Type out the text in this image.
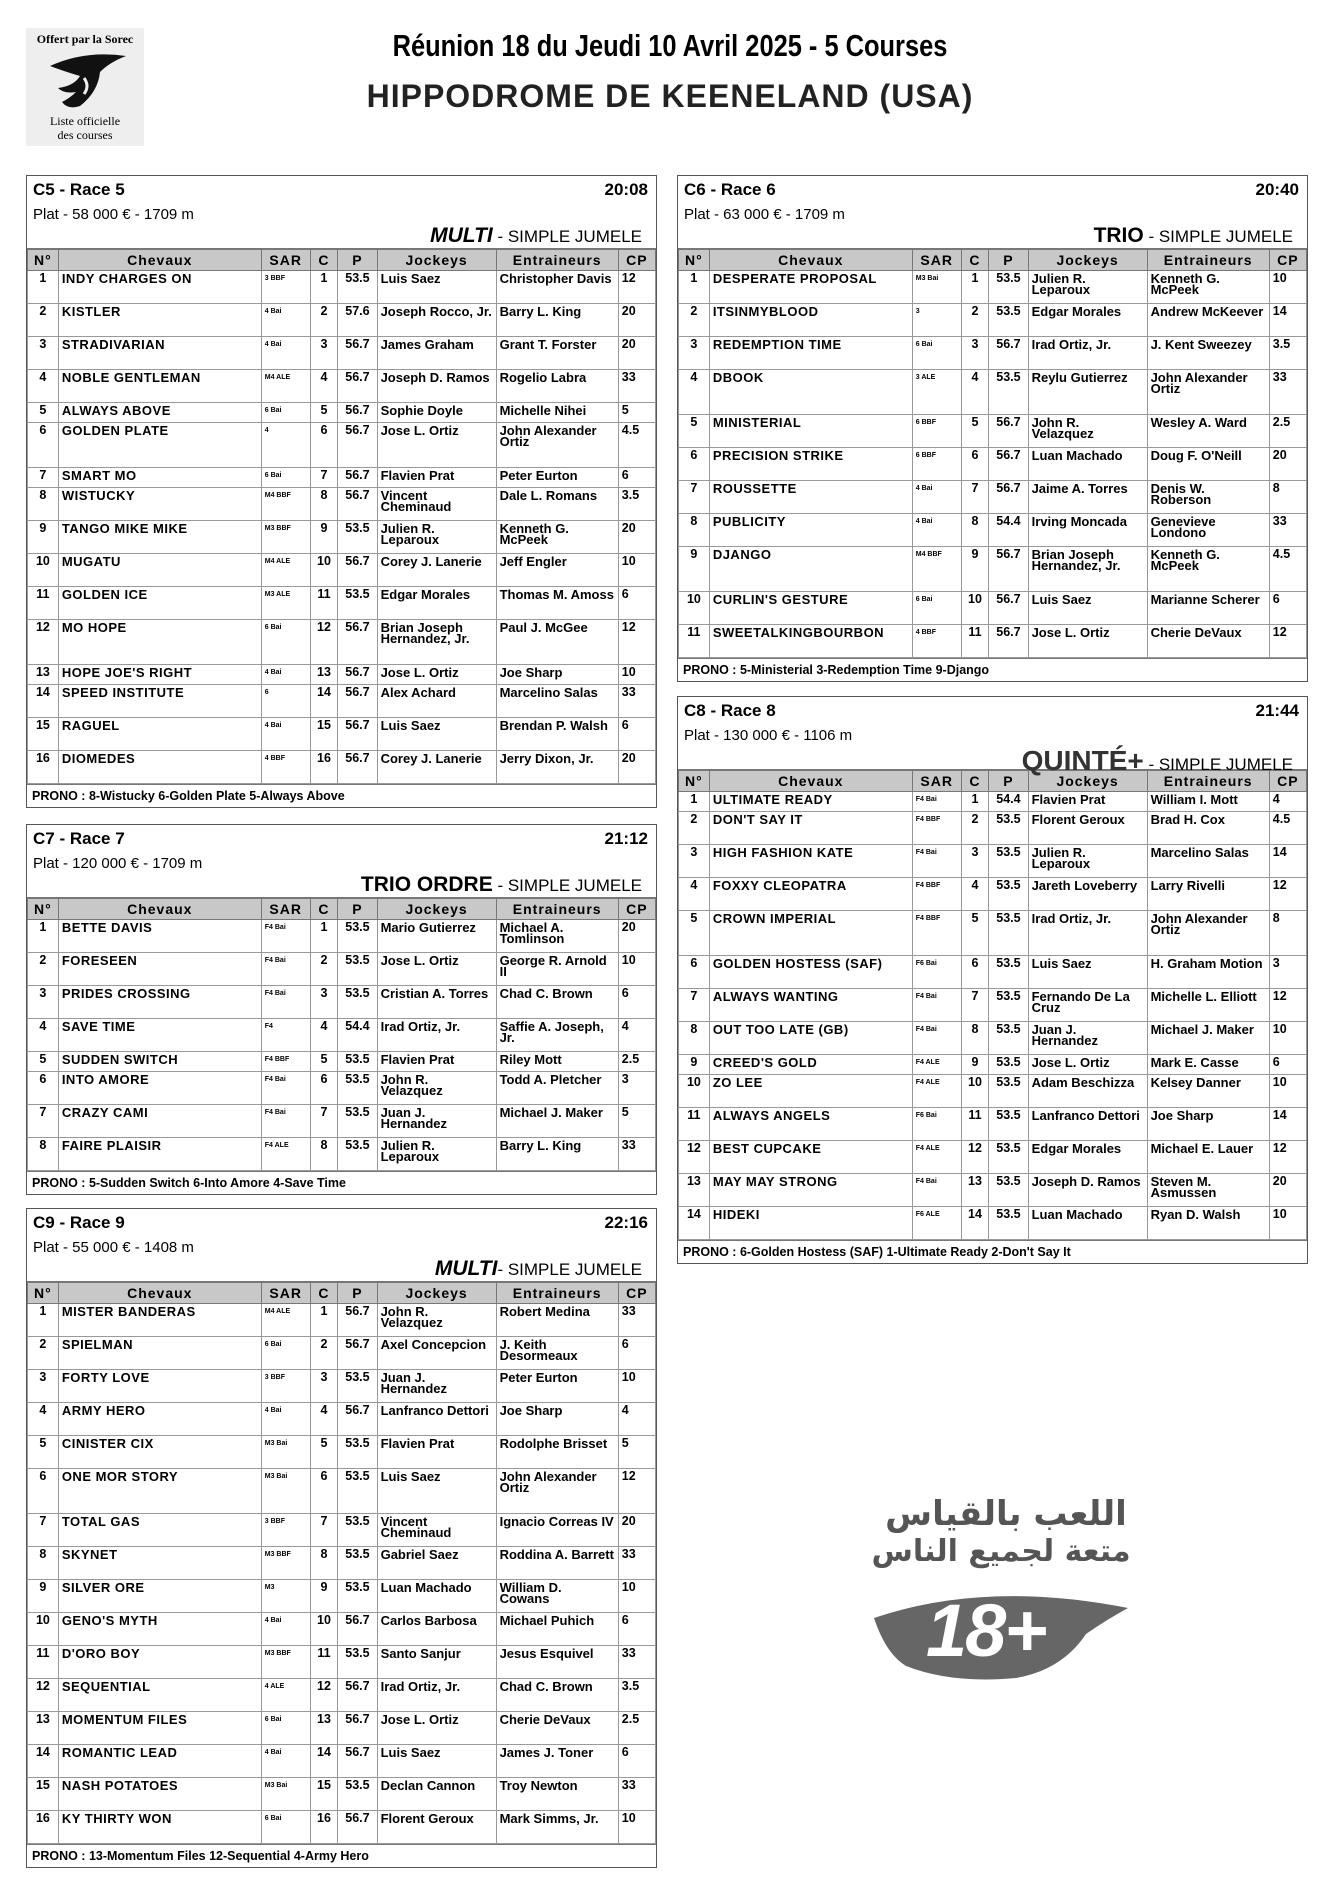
Offert par la Sorec
Liste officielle
des courses
Réunion 18 du Jeudi 10 Avril 2025 - 5 Courses
HIPPODROME DE KEENELAND (USA)
C5 - Race 5	20:08
Plat - 58 000 € - 1709 m
MULTI - SIMPLE JUMELE
N°	Chevaux	SAR	C	P	Jockeys	Entraineurs	CP
1	INDY CHARGES ON	3 BBF	1	53.5	Luis Saez	Christopher Davis	12
2	KISTLER	4 Bai	2	57.6	Joseph Rocco, Jr.	Barry L. King	20
3	STRADIVARIAN	4 Bai	3	56.7	James Graham	Grant T. Forster	20
4	NOBLE GENTLEMAN	M4 ALE	4	56.7	Joseph D. Ramos	Rogelio Labra	33
5	ALWAYS ABOVE	6 Bai	5	56.7	Sophie Doyle	Michelle Nihei	5
6	GOLDEN PLATE	4	6	56.7	Jose L. Ortiz	John Alexander Ortiz	4.5
7	SMART MO	6 Bai	7	56.7	Flavien Prat	Peter Eurton	6
8	WISTUCKY	M4 BBF	8	56.7	Vincent Cheminaud	Dale L. Romans	3.5
9	TANGO MIKE MIKE	M3 BBF	9	53.5	Julien R. Leparoux	Kenneth G. McPeek	20
10	MUGATU	M4 ALE	10	56.7	Corey J. Lanerie	Jeff Engler	10
11	GOLDEN ICE	M3 ALE	11	53.5	Edgar Morales	Thomas M. Amoss	6
12	MO HOPE	6 Bai	12	56.7	Brian Joseph Hernandez, Jr.	Paul J. McGee	12
13	HOPE JOE'S RIGHT	4 Bai	13	56.7	Jose L. Ortiz	Joe Sharp	10
14	SPEED INSTITUTE	6	14	56.7	Alex Achard	Marcelino Salas	33
15	RAGUEL	4 Bai	15	56.7	Luis Saez	Brendan P. Walsh	6
16	DIOMEDES	4 BBF	16	56.7	Corey J. Lanerie	Jerry Dixon, Jr.	20
PRONO : 8-Wistucky 6-Golden Plate 5-Always Above
C6 - Race 6	20:40
Plat - 63 000 € - 1709 m
TRIO - SIMPLE JUMELE
N°	Chevaux	SAR	C	P	Jockeys	Entraineurs	CP
1	DESPERATE PROPOSAL	M3 Bai	1	53.5	Julien R. Leparoux	Kenneth G. McPeek	10
2	ITSINMYBLOOD	3	2	53.5	Edgar Morales	Andrew McKeever	14
3	REDEMPTION TIME	6 Bai	3	56.7	Irad Ortiz, Jr.	J. Kent Sweezey	3.5
4	DBOOK	3 ALE	4	53.5	Reylu Gutierrez	John Alexander Ortiz	33
5	MINISTERIAL	6 BBF	5	56.7	John R. Velazquez	Wesley A. Ward	2.5
6	PRECISION STRIKE	6 BBF	6	56.7	Luan Machado	Doug F. O'Neill	20
7	ROUSSETTE	4 Bai	7	56.7	Jaime A. Torres	Denis W. Roberson	8
8	PUBLICITY	4 Bai	8	54.4	Irving Moncada	Genevieve Londono	33
9	DJANGO	M4 BBF	9	56.7	Brian Joseph Hernandez, Jr.	Kenneth G. McPeek	4.5
10	CURLIN'S GESTURE	6 Bai	10	56.7	Luis Saez	Marianne Scherer	6
11	SWEETALKINGBOURBON	4 BBF	11	56.7	Jose L. Ortiz	Cherie DeVaux	12
PRONO : 5-Ministerial 3-Redemption Time 9-Django
C7 - Race 7	21:12
Plat - 120 000 € - 1709 m
TRIO ORDRE - SIMPLE JUMELE
N°	Chevaux	SAR	C	P	Jockeys	Entraineurs	CP
1	BETTE DAVIS	F4 Bai	1	53.5	Mario Gutierrez	Michael A. Tomlinson	20
2	FORESEEN	F4 Bai	2	53.5	Jose L. Ortiz	George R. Arnold II	10
3	PRIDES CROSSING	F4 Bai	3	53.5	Cristian A. Torres	Chad C. Brown	6
4	SAVE TIME	F4	4	54.4	Irad Ortiz, Jr.	Saffie A. Joseph, Jr.	4
5	SUDDEN SWITCH	F4 BBF	5	53.5	Flavien Prat	Riley Mott	2.5
6	INTO AMORE	F4 Bai	6	53.5	John R. Velazquez	Todd A. Pletcher	3
7	CRAZY CAMI	F4 Bai	7	53.5	Juan J. Hernandez	Michael J. Maker	5
8	FAIRE PLAISIR	F4 ALE	8	53.5	Julien R. Leparoux	Barry L. King	33
PRONO : 5-Sudden Switch 6-Into Amore 4-Save Time
C8 - Race 8	21:44
Plat - 130 000 € - 1106 m
QUINTÉ+ - SIMPLE JUMELE
N°	Chevaux	SAR	C	P	Jockeys	Entraineurs	CP
1	ULTIMATE READY	F4 Bai	1	54.4	Flavien Prat	William I. Mott	4
2	DON'T SAY IT	F4 BBF	2	53.5	Florent Geroux	Brad H. Cox	4.5
3	HIGH FASHION KATE	F4 Bai	3	53.5	Julien R. Leparoux	Marcelino Salas	14
4	FOXXY CLEOPATRA	F4 BBF	4	53.5	Jareth Loveberry	Larry Rivelli	12
5	CROWN IMPERIAL	F4 BBF	5	53.5	Irad Ortiz, Jr.	John Alexander Ortiz	8
6	GOLDEN HOSTESS (SAF)	F6 Bai	6	53.5	Luis Saez	H. Graham Motion	3
7	ALWAYS WANTING	F4 Bai	7	53.5	Fernando De La Cruz	Michelle L. Elliott	12
8	OUT TOO LATE (GB)	F4 Bai	8	53.5	Juan J. Hernandez	Michael J. Maker	10
9	CREED'S GOLD	F4 ALE	9	53.5	Jose L. Ortiz	Mark E. Casse	6
10	ZO LEE	F4 ALE	10	53.5	Adam Beschizza	Kelsey Danner	10
11	ALWAYS ANGELS	F6 Bai	11	53.5	Lanfranco Dettori	Joe Sharp	14
12	BEST CUPCAKE	F4 ALE	12	53.5	Edgar Morales	Michael E. Lauer	12
13	MAY MAY STRONG	F4 Bai	13	53.5	Joseph D. Ramos	Steven M. Asmussen	20
14	HIDEKI	F6 ALE	14	53.5	Luan Machado	Ryan D. Walsh	10
PRONO : 6-Golden Hostess (SAF) 1-Ultimate Ready 2-Don't Say It
C9 - Race 9	22:16
Plat - 55 000 € - 1408 m
MULTI- SIMPLE JUMELE
N°	Chevaux	SAR	C	P	Jockeys	Entraineurs	CP
1	MISTER BANDERAS	M4 ALE	1	56.7	John R. Velazquez	Robert Medina	33
2	SPIELMAN	6 Bai	2	56.7	Axel Concepcion	J. Keith Desormeaux	6
3	FORTY LOVE	3 BBF	3	53.5	Juan J. Hernandez	Peter Eurton	10
4	ARMY HERO	4 Bai	4	56.7	Lanfranco Dettori	Joe Sharp	4
5	CINISTER CIX	M3 Bai	5	53.5	Flavien Prat	Rodolphe Brisset	5
6	ONE MOR STORY	M3 Bai	6	53.5	Luis Saez	John Alexander Ortiz	12
7	TOTAL GAS	3 BBF	7	53.5	Vincent Cheminaud	Ignacio Correas IV	20
8	SKYNET	M3 BBF	8	53.5	Gabriel Saez	Roddina A. Barrett	33
9	SILVER ORE	M3	9	53.5	Luan Machado	William D. Cowans	10
10	GENO'S MYTH	4 Bai	10	56.7	Carlos Barbosa	Michael Puhich	6
11	D'ORO BOY	M3 BBF	11	53.5	Santo Sanjur	Jesus Esquivel	33
12	SEQUENTIAL	4 ALE	12	56.7	Irad Ortiz, Jr.	Chad C. Brown	3.5
13	MOMENTUM FILES	6 Bai	13	56.7	Jose L. Ortiz	Cherie DeVaux	2.5
14	ROMANTIC LEAD	4 Bai	14	56.7	Luis Saez	James J. Toner	6
15	NASH POTATOES	M3 Bai	15	53.5	Declan Cannon	Troy Newton	33
16	KY THIRTY WON	6 Bai	16	56.7	Florent Geroux	Mark Simms, Jr.	10
PRONO : 13-Momentum Files 12-Sequential 4-Army Hero
اللعب بالقياس
متعة لجميع الناس
18+
